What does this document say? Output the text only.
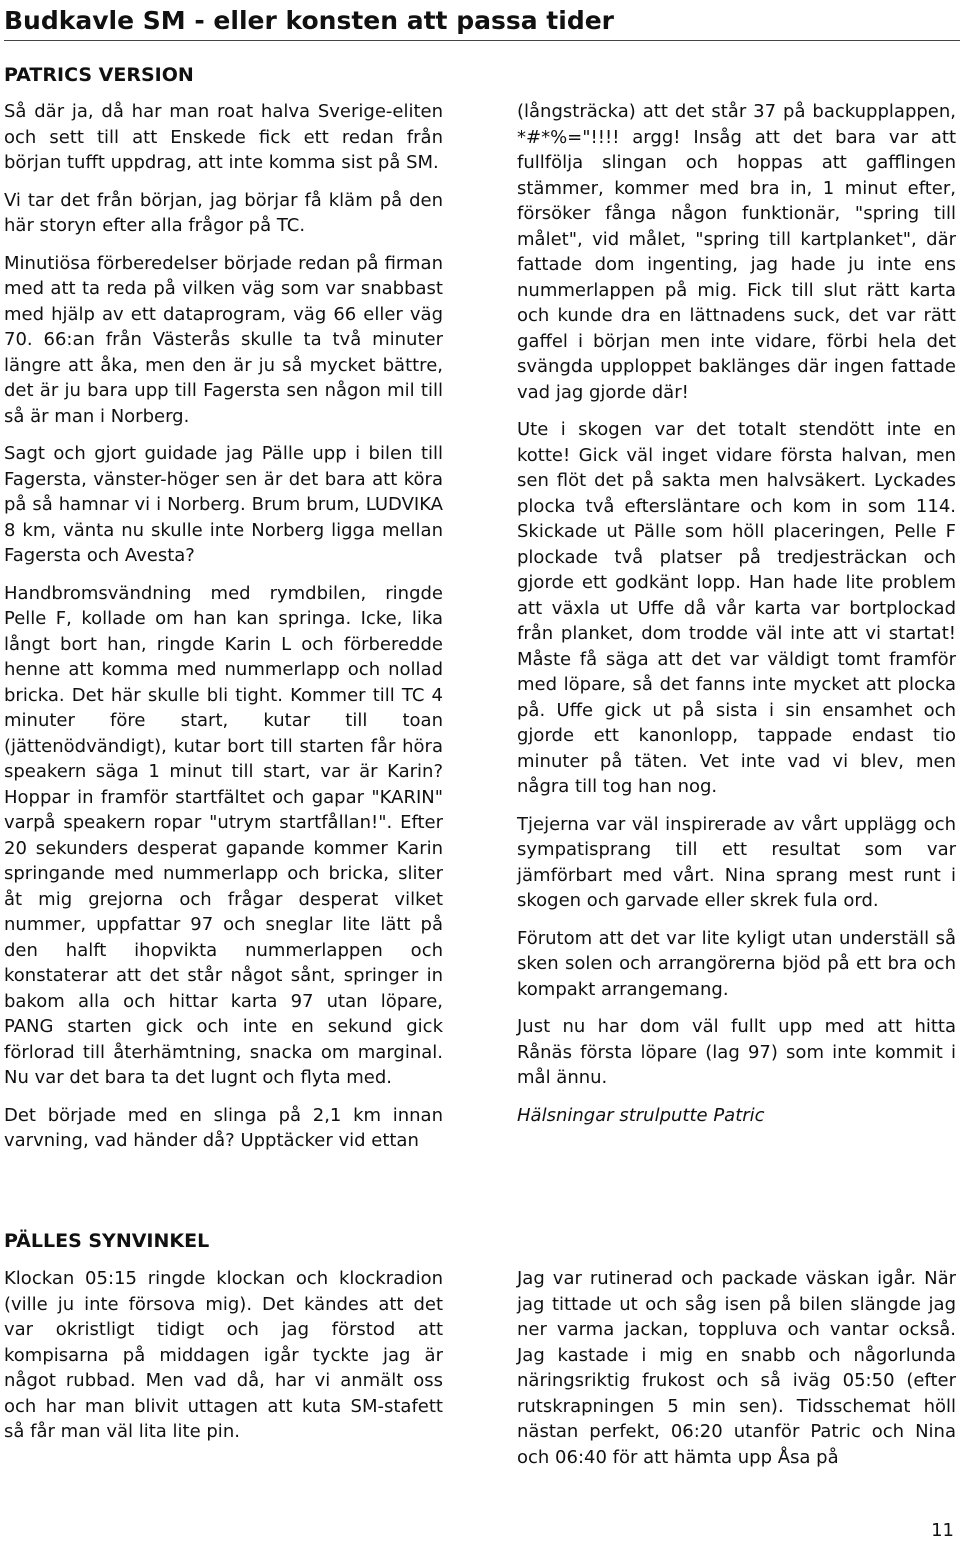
Budkavle SM - eller konsten att passa tider
PATRICS VERSION

Så där ja, då har man roat halva Sverige-eliten och sett till att Enskede fick ett redan från början tufft uppdrag, att inte komma sist på SM.

Vi tar det från början, jag börjar få kläm på den här storyn efter alla frågor på TC.

Minutiösa förberedelser började redan på firman med att ta reda på vilken väg som var snabbast med hjälp av ett dataprogram, väg 66 eller väg 70. 66:an från Västerås skulle ta två minuter längre att åka, men den är ju så mycket bättre, det är ju bara upp till Fagersta sen någon mil till så är man i Norberg.

Sagt och gjort guidade jag Pälle upp i bilen till Fagersta, vänster-höger sen är det bara att köra på så hamnar vi i Norberg. Brum brum, LUDVIKA 8 km, vänta nu skulle inte Norberg ligga mellan Fagersta och Avesta?

Handbromsvändning med rymdbilen, ringde Pelle F, kollade om han kan springa. Icke, lika långt bort han, ringde Karin L och förberedde henne att komma med nummerlapp och nollad bricka. Det här skulle bli tight. Kommer till TC 4 minuter före start, kutar till toan (jättenödvändigt), kutar bort till starten får höra speakern säga 1 minut till start, var är Karin? Hoppar in framför startfältet och gapar "KARIN" varpå speakern ropar "utrym startfållan!". Efter 20 sekunders desperat gapande kommer Karin springande med nummerlapp och bricka, sliter åt mig grejorna och frågar desperat vilket nummer, uppfattar 97 och sneglar lite lätt på den halft ihopvikta nummerlappen och konstaterar att det står något sånt, springer in bakom alla och hittar karta 97 utan löpare, PANG starten gick och inte en sekund gick förlorad till återhämtning, snacka om marginal. Nu var det bara ta det lugnt och flyta med.

Det började med en slinga på 2,1 km innan varvning, vad händer då? Upptäcker vid ettan

(långsträcka) att det står 37 på backupplappen, *#*%="!!!! argg! Insåg att det bara var att fullfölja slingan och hoppas att gafflingen stämmer, kommer med bra in, 1 minut efter, försöker fånga någon funktionär, "spring till målet", vid målet, "spring till kartplanket", där fattade dom ingenting, jag hade ju inte ens nummerlappen på mig. Fick till slut rätt karta och kunde dra en lättnadens suck, det var rätt gaffel i början men inte vidare, förbi hela det svängda upploppet baklänges där ingen fattade vad jag gjorde där!

Ute i skogen var det totalt stendött inte en kotte! Gick väl inget vidare första halvan, men sen flöt det på sakta men halvsäkert. Lyckades plocka två eftersläntare och kom in som 114. Skickade ut Pälle som höll placeringen, Pelle F plockade två platser på tredjesträckan och gjorde ett godkänt lopp. Han hade lite problem att växla ut Uffe då vår karta var bortplockad från planket, dom trodde väl inte att vi startat! Måste få säga att det var väldigt tomt framför med löpare, så det fanns inte mycket att plocka på. Uffe gick ut på sista i sin ensamhet och gjorde ett kanonlopp, tappade endast tio minuter på täten. Vet inte vad vi blev, men några till tog han nog.

Tjejerna var väl inspirerade av vårt upplägg och sympatisprang till ett resultat som var jämförbart med vårt. Nina sprang mest runt i skogen och garvade eller skrek fula ord.

Förutom att det var lite kyligt utan underställ så sken solen och arrangörerna bjöd på ett bra och kompakt arrangemang.

Just nu har dom väl fullt upp med att hitta Rånäs första löpare (lag 97) som inte kommit i mål ännu.

Hälsningar strulputte Patric

PÄLLES SYNVINKEL

Klockan 05:15 ringde klockan och klockradion (ville ju inte försova mig). Det kändes att det var okristligt tidigt och jag förstod att kompisarna på middagen igår tyckte jag är något rubbad. Men vad då, har vi anmält oss och har man blivit uttagen att kuta SM-stafett så får man väl lita lite pin.

Jag var rutinerad och packade väskan igår. När jag tittade ut och såg isen på bilen slängde jag ner varma jackan, toppluva och vantar också. Jag kastade i mig en snabb och någorlunda näringsriktig frukost och så iväg 05:50 (efter rutskrapningen 5 min sen). Tidsschemat höll nästan perfekt, 06:20 utanför Patric och Nina och 06:40 för att hämta upp Åsa på

11
